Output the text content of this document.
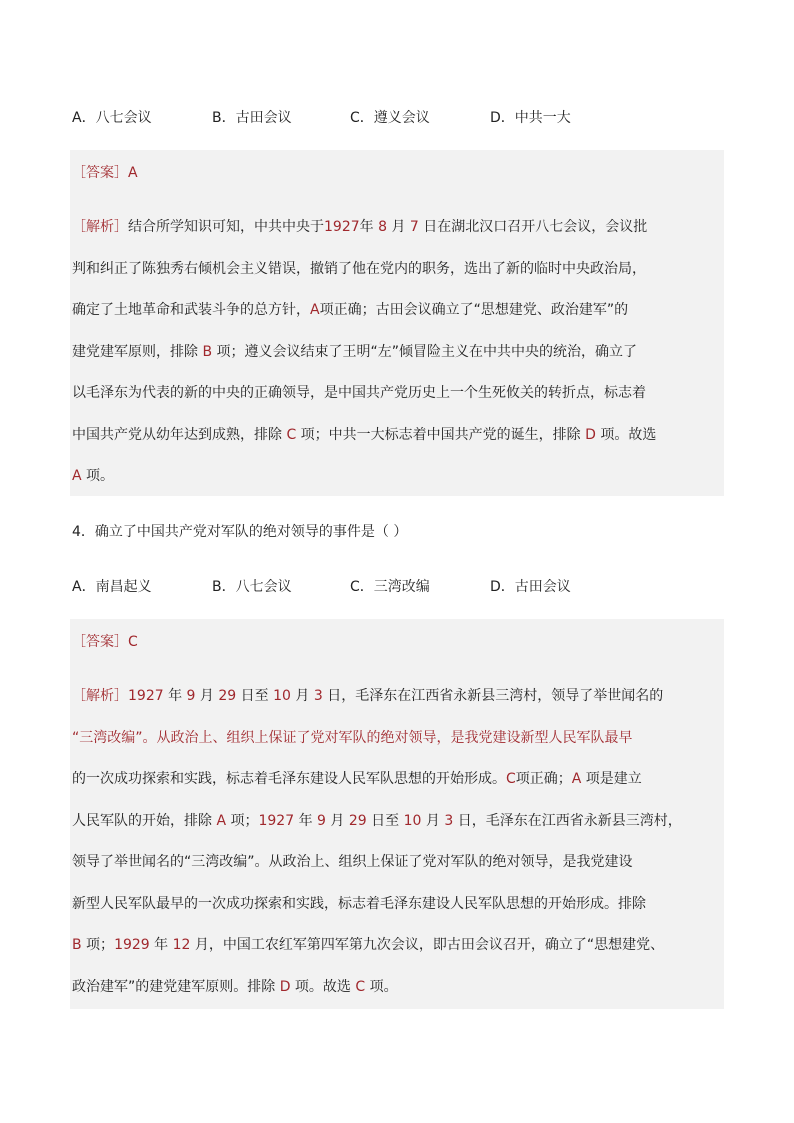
A．八七会议	B．古田会议	C．遵义会议	D．中共一大
［答案］A
［解析］结合所学知识可知，中共中央于1927年 8 月 7 日在湖北汉口召开八七会议，会议批
判和纠正了陈独秀右倾机会主义错误，撤销了他在党内的职务，选出了新的临时中央政治局，
确定了土地革命和武装斗争的总方针，A项正确；古田会议确立了“思想建党、政治建军”的
建党建军原则，排除 B 项；遵义会议结束了王明“左”倾冒险主义在中共中央的统治，确立了
以毛泽东为代表的新的中央的正确领导，是中国共产党历史上一个生死攸关的转折点，标志着
中国共产党从幼年达到成熟，排除 C 项；中共一大标志着中国共产党的诞生，排除 D 项。故选
A 项。
4．确立了中国共产党对军队的绝对领导的事件是（ ）
A．南昌起义	B．八七会议	C．三湾改编	D．古田会议
［答案］C
［解析］1927 年 9 月 29 日至 10 月 3 日，毛泽东在江西省永新县三湾村，领导了举世闻名的
“三湾改编”。从政治上、组织上保证了党对军队的绝对领导，是我党建设新型人民军队最早
的一次成功探索和实践，标志着毛泽东建设人民军队思想的开始形成。C项正确；A 项是建立
人民军队的开始，排除 A 项；1927 年 9 月 29 日至 10 月 3 日，毛泽东在江西省永新县三湾村，
领导了举世闻名的“三湾改编”。从政治上、组织上保证了党对军队的绝对领导，是我党建设
新型人民军队最早的一次成功探索和实践，标志着毛泽东建设人民军队思想的开始形成。排除
B 项；1929 年 12 月，中国工农红军第四军第九次会议，即古田会议召开，确立了“思想建党、
政治建军”的建党建军原则。排除 D 项。故选 C 项。
